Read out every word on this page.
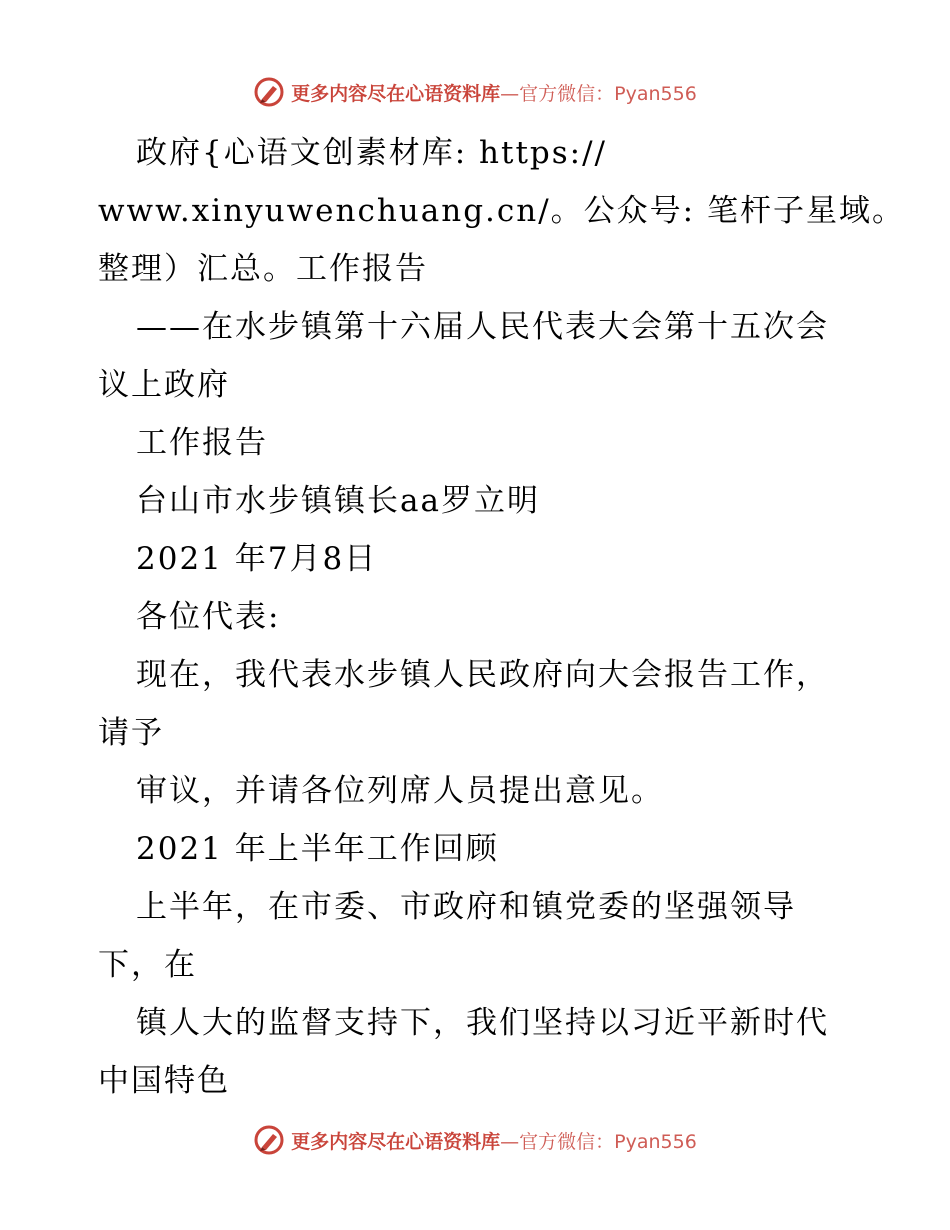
更多内容尽在心语资料库 —官方微信：Pyan556
政府{心语文创素材库: https://
www.xinyuwenchuang.cn/。公众号: 笔杆子星域。
整理）汇总。工作报告
——在水步镇第十六届人民代表大会第十五次会
议上政府
工作报告
台山市水步镇镇长aa罗立明
2021 年7月8日
各位代表:
现在，我代表水步镇人民政府向大会报告工作，
请予
审议，并请各位列席人员提出意见。
2021 年上半年工作回顾
上半年，在市委、市政府和镇党委的坚强领导
下，在
镇人大的监督支持下，我们坚持以习近平新时代
中国特色
更多内容尽在心语资料库 —官方微信：Pyan556
